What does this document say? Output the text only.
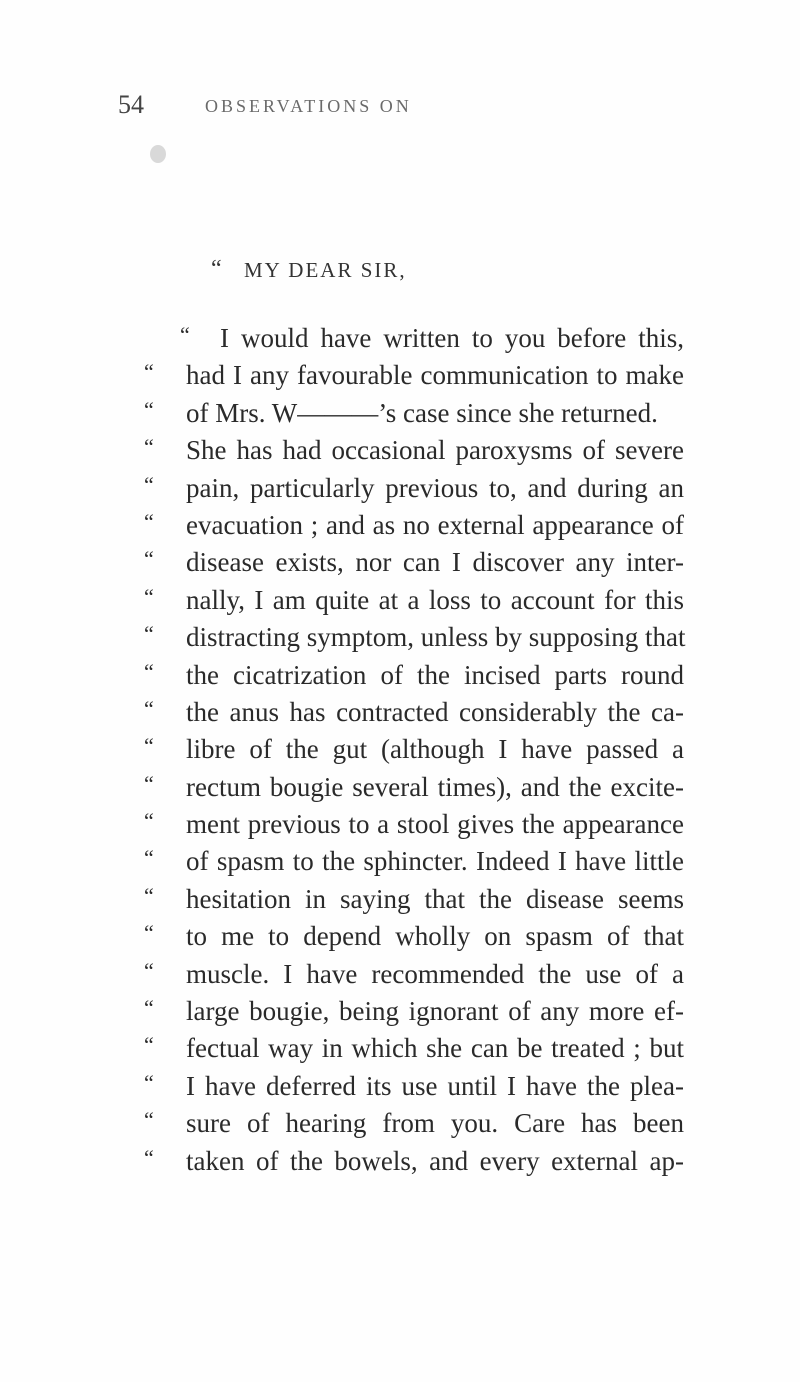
54	OBSERVATIONS ON
“ MY DEAR SIR,
“ I would have written to you before this,
“ had I any favourable communication to make
“ of Mrs. W———’s case since she returned.
“ She has had occasional paroxysms of severe
“ pain, particularly previous to, and during an
“ evacuation ; and as no external appearance of
“ disease exists, nor can I discover any inter-
“ nally, I am quite at a loss to account for this
“ distracting symptom, unless by supposing that
“ the cicatrization of the incised parts round
“ the anus has contracted considerably the ca-
“ libre of the gut (although I have passed a
“ rectum bougie several times), and the excite-
“ ment previous to a stool gives the appearance
“ of spasm to the sphincter. Indeed I have little
“ hesitation in saying that the disease seems
“ to me to depend wholly on spasm of that
“ muscle. I have recommended the use of a
“ large bougie, being ignorant of any more ef-
“ fectual way in which she can be treated ; but
“ I have deferred its use until I have the plea-
“ sure of hearing from you. Care has been
“ taken of the bowels, and every external ap-
